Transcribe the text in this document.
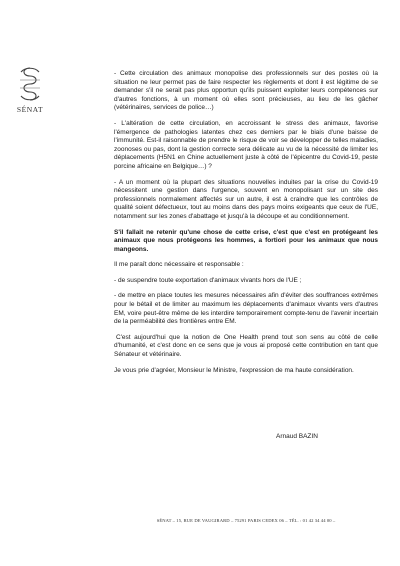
SÉNAT

- Cette circulation des animaux monopolise des professionnels sur des postes où la situation ne leur permet pas de faire respecter les règlements et dont il est légitime de se demander s'il ne serait pas plus opportun qu'ils puissent exploiter leurs compétences sur d'autres fonctions, à un moment où elles sont précieuses, au lieu de les gâcher (vétérinaires, services de police…)

- L'altération de cette circulation, en accroissant le stress des animaux, favorise l'émergence de pathologies latentes chez ces derniers par le biais d'une baisse de l'immunité. Est-il raisonnable de prendre le risque de voir se développer de telles maladies, zoonoses ou pas, dont la gestion correcte sera délicate au vu de la nécessité de limiter les déplacements (H5N1 en Chine actuellement juste à côté de l'épicentre du Covid-19, peste porcine africaine en Belgique…) ?

- A un moment où la plupart des situations nouvelles induites par la crise du Covid-19 nécessitent une gestion dans l'urgence, souvent en monopolisant sur un site des professionnels normalement affectés sur un autre, il est à craindre que les contrôles de qualité soient défectueux, tout au moins dans des pays moins exigeants que ceux de l'UE, notamment sur les zones d'abattage et jusqu'à la découpe et au conditionnement.

S'il fallait ne retenir qu'une chose de cette crise, c'est que c'est en protégeant les animaux que nous protégeons les hommes, a fortiori pour les animaux que nous mangeons.

Il me paraît donc nécessaire et responsable :

- de suspendre toute exportation d'animaux vivants hors de l'UE ;

- de mettre en place toutes les mesures nécessaires afin d'éviter des souffrances extrêmes pour le bétail et de limiter au maximum les déplacements d'animaux vivants vers d'autres EM, voire peut-être même de les interdire temporairement compte-tenu de l'avenir incertain de la perméabilité des frontières entre EM.

C'est aujourd'hui que la notion de One Health prend tout son sens au côté de celle d'humanité, et c'est donc en ce sens que je vous ai proposé cette contribution en tant que Sénateur et vétérinaire.

Je vous prie d'agréer, Monsieur le Ministre, l'expression de ma haute considération.

Arnaud BAZIN
SÉNAT – 15, RUE DE VAUGIRARD – 75291 PARIS CEDEX 06 – TÉL. : 01 42 34 44 00 –
